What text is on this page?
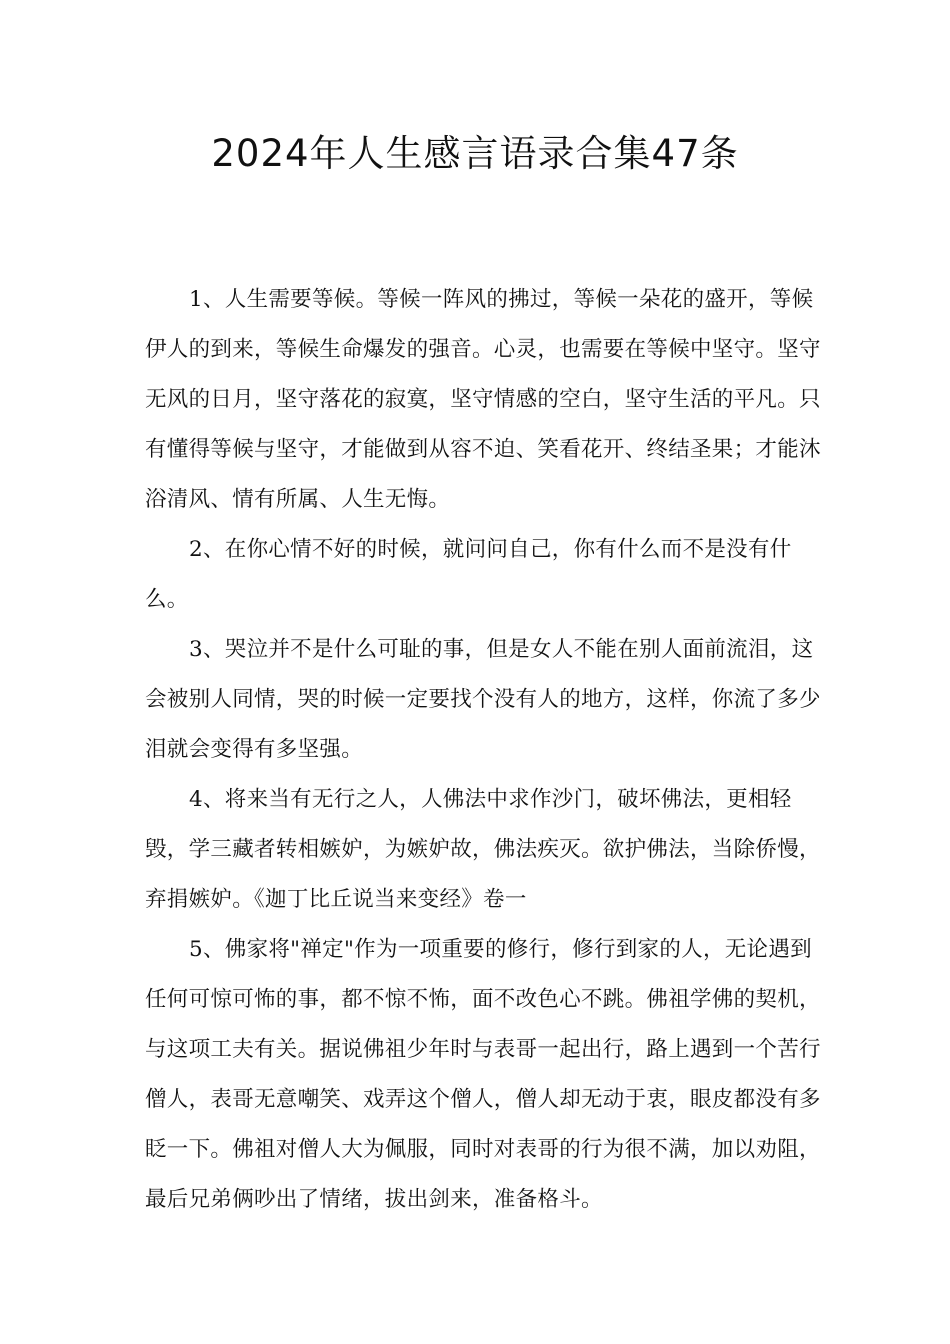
2024年人生感言语录合集47条

1、人生需要等候。等候一阵风的拂过，等候一朵花的盛开，等候伊人的到来，等候生命爆发的强音。心灵，也需要在等候中坚守。坚守无风的日月，坚守落花的寂寞，坚守情感的空白，坚守生活的平凡。只有懂得等候与坚守，才能做到从容不迫、笑看花开、终结圣果；才能沐浴清风、情有所属、人生无悔。

2、在你心情不好的时候，就问问自己，你有什么而不是没有什么。

3、哭泣并不是什么可耻的事，但是女人不能在别人面前流泪，这会被别人同情，哭的时候一定要找个没有人的地方，这样，你流了多少泪就会变得有多坚强。

4、将来当有无行之人，人佛法中求作沙门，破坏佛法，更相轻毁，学三藏者转相嫉妒，为嫉妒故，佛法疾灭。欲护佛法，当除侨慢，弃捐嫉妒。《迦丁比丘说当来变经》卷一

5、佛家将"禅定"作为一项重要的修行，修行到家的人，无论遇到任何可惊可怖的事，都不惊不怖，面不改色心不跳。佛祖学佛的契机，与这项工夫有关。据说佛祖少年时与表哥一起出行，路上遇到一个苦行僧人，表哥无意嘲笑、戏弄这个僧人，僧人却无动于衷，眼皮都没有多眨一下。佛祖对僧人大为佩服，同时对表哥的行为很不满，加以劝阻，最后兄弟俩吵出了情绪，拔出剑来，准备格斗。
